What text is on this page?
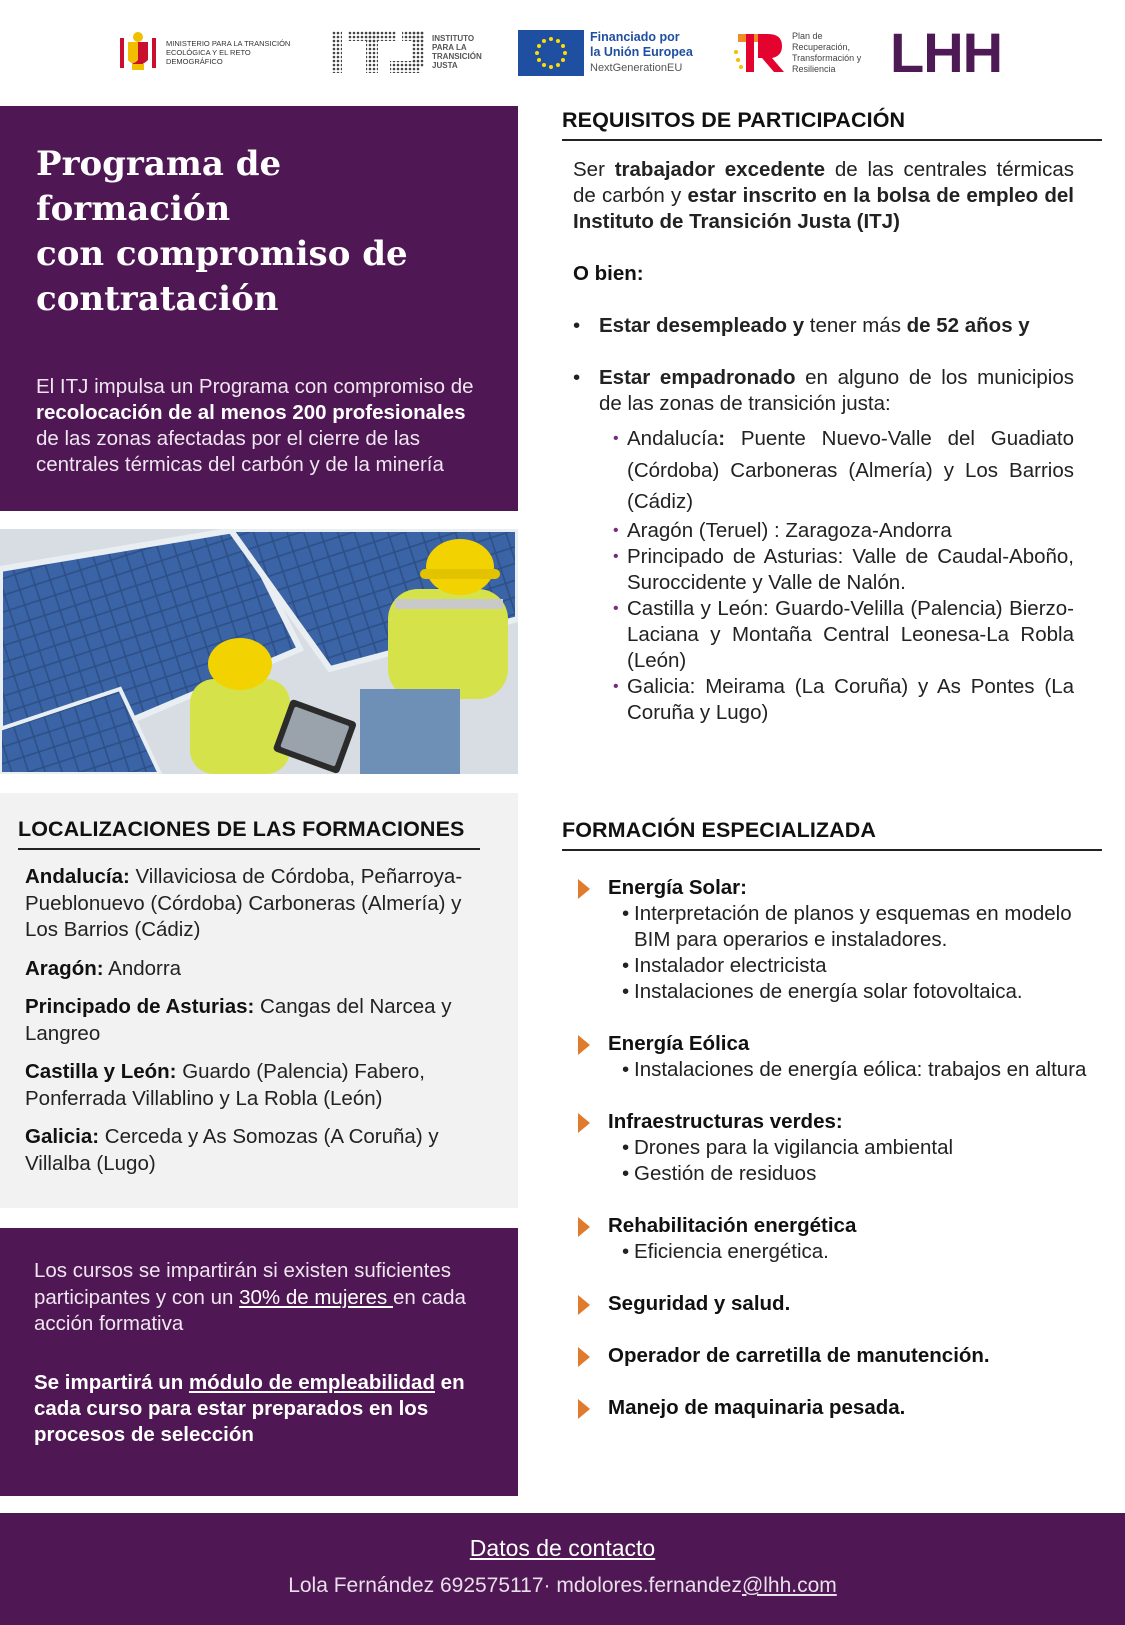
MINISTERIO PARA LA TRANSICIÓN ECOLÓGICA Y EL RETO DEMOGRÁFICO
INSTITUTO PARA LA TRANSICIÓN JUSTA
Financiado por
la Unión Europea
NextGenerationEU
Plan de Recuperación, Transformación y Resiliencia LHH
Programa de formación
con compromiso de
contratación

El ITJ impulsa un Programa con compromiso de recolocación de al menos 200 profesionales de las zonas afectadas por el cierre de las centrales térmicas del carbón y de la minería

LOCALIZACIONES DE LAS FORMACIONES

Andalucía: Villaviciosa de Córdoba, Peñarroya-Pueblonuevo (Córdoba) Carboneras (Almería) y Los Barrios (Cádiz)

Aragón: Andorra

Principado de Asturias: Cangas del Narcea y Langreo

Castilla y León: Guardo (Palencia) Fabero, Ponferrada Villablino y La Robla (León)

Galicia: Cerceda y As Somozas (A Coruña) y Villalba (Lugo)

Los cursos se impartirán si existen suficientes participantes y con un 30% de mujeres en cada acción formativa

Se impartirá un módulo de empleabilidad en cada curso para estar preparados en los procesos de selección

REQUISITOS DE PARTICIPACIÓN

Ser trabajador excedente de las centrales térmicas de carbón y estar inscrito en la bolsa de empleo del Instituto de Transición Justa (ITJ)

O bien:

• Estar desempleado y tener más de 52 años y

• Estar empadronado en alguno de los municipios de las zonas de transición justa:

• Andalucía: Puente Nuevo-Valle del Guadiato (Córdoba) Carboneras (Almería) y Los Barrios (Cádiz)
• Aragón (Teruel) : Zaragoza-Andorra
• Principado de Asturias: Valle de Caudal-Aboño, Suroccidente y Valle de Nalón.
• Castilla y León: Guardo-Velilla (Palencia) Bierzo-Laciana y Montaña Central Leonesa-La Robla (León)
• Galicia: Meirama (La Coruña) y As Pontes (La Coruña y Lugo)
FORMACIÓN ESPECIALIZADA
Energía Solar:
• Interpretación de planos y esquemas en modelo BIM para operarios e instaladores.
• Instalador electricista
• Instalaciones de energía solar fotovoltaica.
Energía Eólica
• Instalaciones de energía eólica: trabajos en altura
Infraestructuras verdes:
• Drones para la vigilancia ambiental
• Gestión de residuos
Rehabilitación energética
• Eficiencia energética.
Seguridad y salud.
Operador de carretilla de manutención.
Manejo de maquinaria pesada.
Datos de contacto
Lola Fernández 692575117· mdolores.fernandez@lhh.com
